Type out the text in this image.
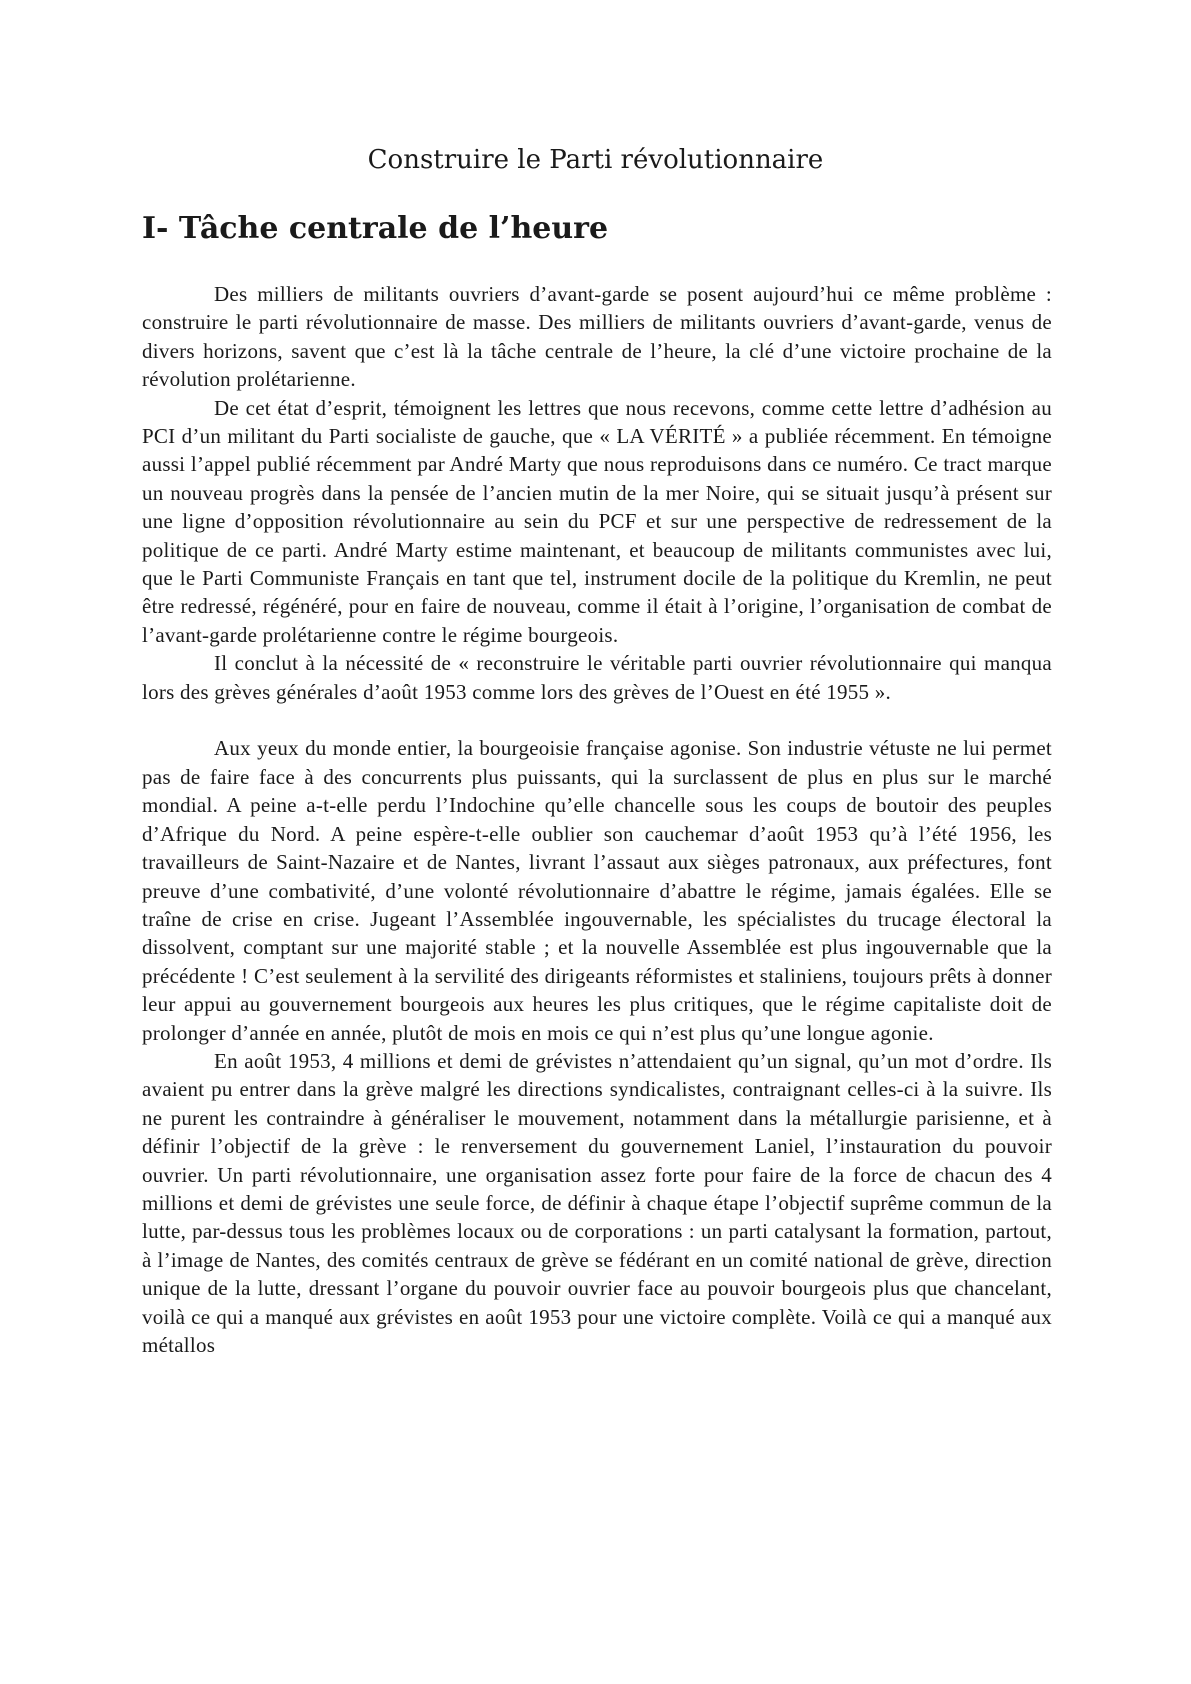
Construire le Parti révolutionnaire
I- Tâche centrale de l’heure

Des milliers de militants ouvriers d’avant-garde se posent aujourd’hui ce même problème : construire le parti révolutionnaire de masse. Des milliers de militants ouvriers d’avant-garde, venus de divers horizons, savent que c’est là la tâche centrale de l’heure, la clé d’une victoire prochaine de la révolution prolétarienne.

De cet état d’esprit, témoignent les lettres que nous recevons, comme cette lettre d’adhésion au PCI d’un militant du Parti socialiste de gauche, que « LA VÉRITÉ » a publiée récemment. En témoigne aussi l’appel publié récemment par André Marty que nous reproduisons dans ce numéro. Ce tract marque un nouveau progrès dans la pensée de l’ancien mutin de la mer Noire, qui se situait jusqu’à présent sur une ligne d’opposition révolutionnaire au sein du PCF et sur une perspective de redressement de la politique de ce parti. André Marty estime maintenant, et beaucoup de militants communistes avec lui, que le Parti Communiste Français en tant que tel, instrument docile de la politique du Kremlin, ne peut être redressé, régénéré, pour en faire de nouveau, comme il était à l’origine, l’organisation de combat de l’avant-garde prolétarienne contre le régime bourgeois.

Il conclut à la nécessité de « reconstruire le véritable parti ouvrier révolutionnaire qui manqua lors des grèves générales d’août 1953 comme lors des grèves de l’Ouest en été 1955 ».

Aux yeux du monde entier, la bourgeoisie française agonise. Son industrie vétuste ne lui permet pas de faire face à des concurrents plus puissants, qui la surclassent de plus en plus sur le marché mondial. A peine a-t-elle perdu l’Indochine qu’elle chancelle sous les coups de boutoir des peuples d’Afrique du Nord. A peine espère-t-elle oublier son cauchemar d’août 1953 qu’à l’été 1956, les travailleurs de Saint-Nazaire et de Nantes, livrant l’assaut aux sièges patronaux, aux préfectures, font preuve d’une combativité, d’une volonté révolutionnaire d’abattre le régime, jamais égalées. Elle se traîne de crise en crise. Jugeant l’Assemblée ingouvernable, les spécialistes du trucage électoral la dissolvent, comptant sur une majorité stable ; et la nouvelle Assemblée est plus ingouvernable que la précédente ! C’est seulement à la servilité des dirigeants réformistes et staliniens, toujours prêts à donner leur appui au gouvernement bourgeois aux heures les plus critiques, que le régime capitaliste doit de prolonger d’année en année, plutôt de mois en mois ce qui n’est plus qu’une longue agonie.

En août 1953, 4 millions et demi de grévistes n’attendaient qu’un signal, qu’un mot d’ordre. Ils avaient pu entrer dans la grève malgré les directions syndicalistes, contraignant celles-ci à la suivre. Ils ne purent les contraindre à généraliser le mouvement, notamment dans la métallurgie parisienne, et à définir l’objectif de la grève : le renversement du gouvernement Laniel, l’instauration du pouvoir ouvrier. Un parti révolutionnaire, une organisation assez forte pour faire de la force de chacun des 4 millions et demi de grévistes une seule force, de définir à chaque étape l’objectif suprême commun de la lutte, par-dessus tous les problèmes locaux ou de corporations : un parti catalysant la formation, partout, à l’image de Nantes, des comités centraux de grève se fédérant en un comité national de grève, direction unique de la lutte, dressant l’organe du pouvoir ouvrier face au pouvoir bourgeois plus que chancelant, voilà ce qui a manqué aux grévistes en août 1953 pour une victoire complète. Voilà ce qui a manqué aux métallos
